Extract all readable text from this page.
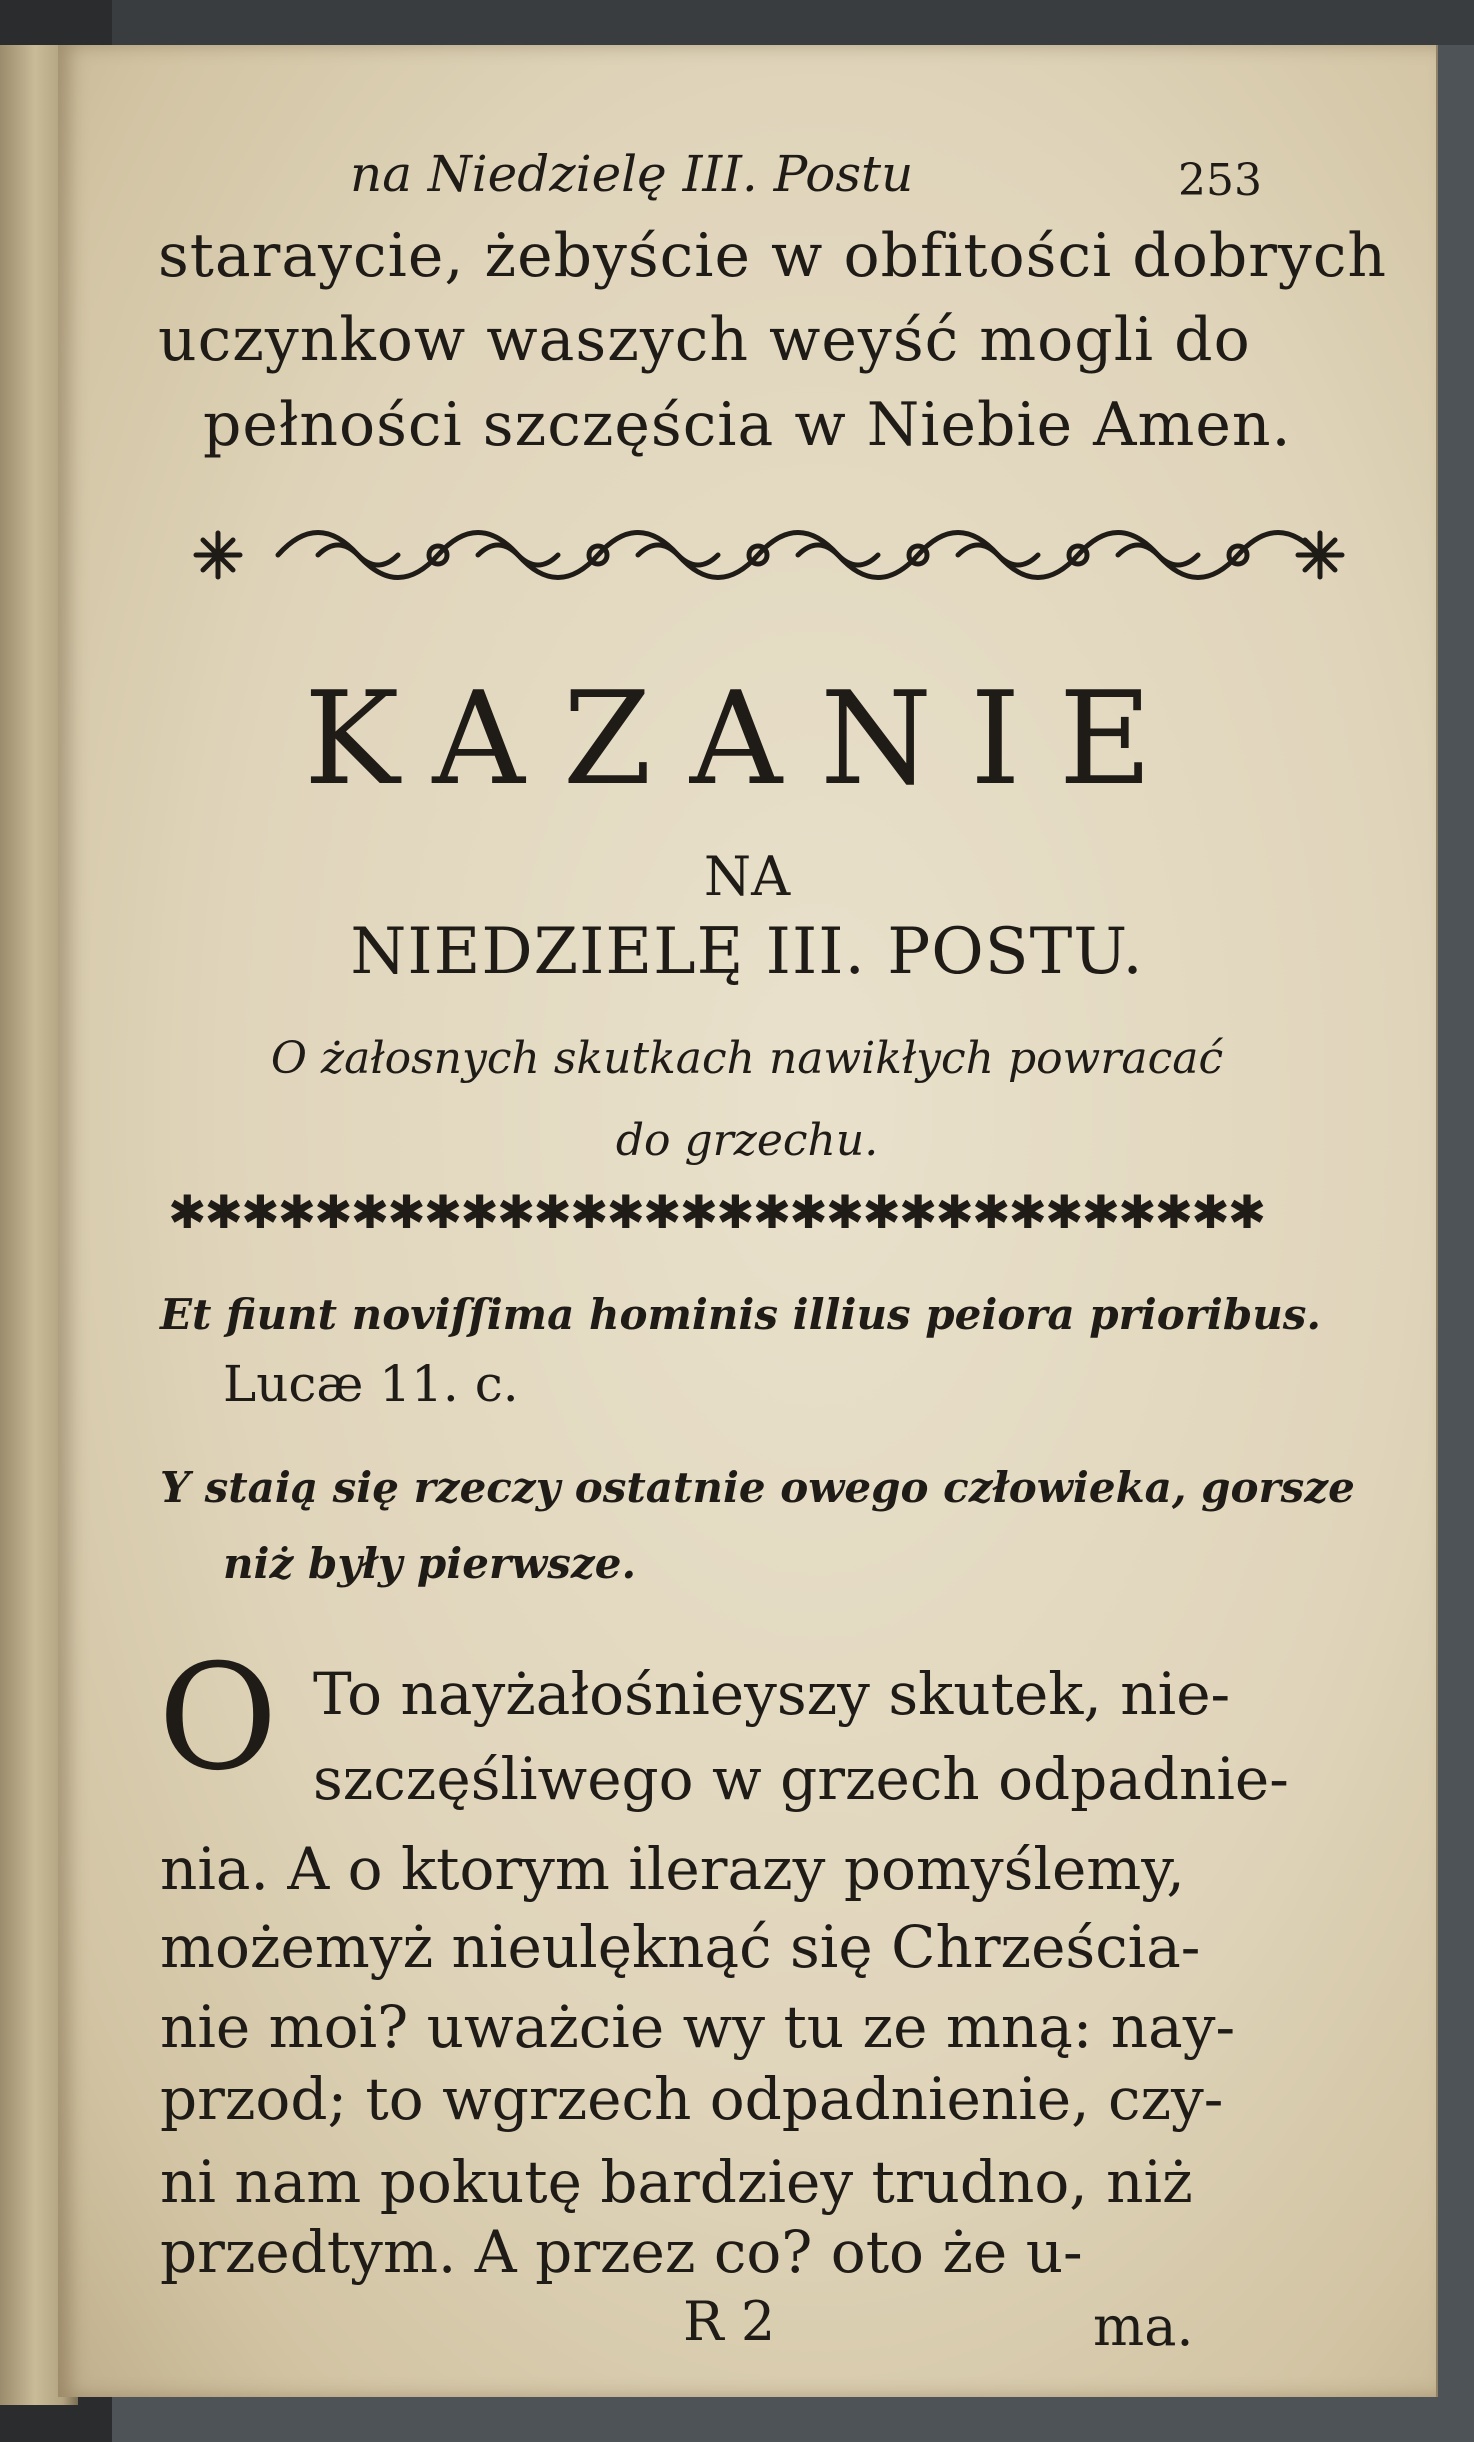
na Niedzielę III. Postu	253
staraycie, żebyście w obfitości dobrych
uczynkow waszych weyść mogli do
pełności szczęścia w Niebie Amen.
KAZANIE
NA
NIEDZIELĘ III. POSTU.
O żałosnych skutkach nawikłych powracać
do grzechu.
✱✱✱✱✱✱✱✱✱✱✱✱✱✱✱✱✱✱✱✱✱✱✱✱✱✱✱✱✱✱
Et fiunt noviſſima hominis illius peiora prioribus.
Lucæ 11. c.
Y staią się rzeczy ostatnie owego człowieka, gorsze
niż były pierwsze.
O To nayżałośnieyszy skutek, nie-
szczęśliwego w grzech odpadnie-
nia. A o ktorym ilerazy pomyślemy,
możemyż nieulęknąć się Chrześcia-
nie moi? uważcie wy tu ze mną: nay-
przod; to wgrzech odpadnienie, czy-
ni nam pokutę bardziey trudno, niż
przedtym. A przez co? oto że u-
R 2	ma.
